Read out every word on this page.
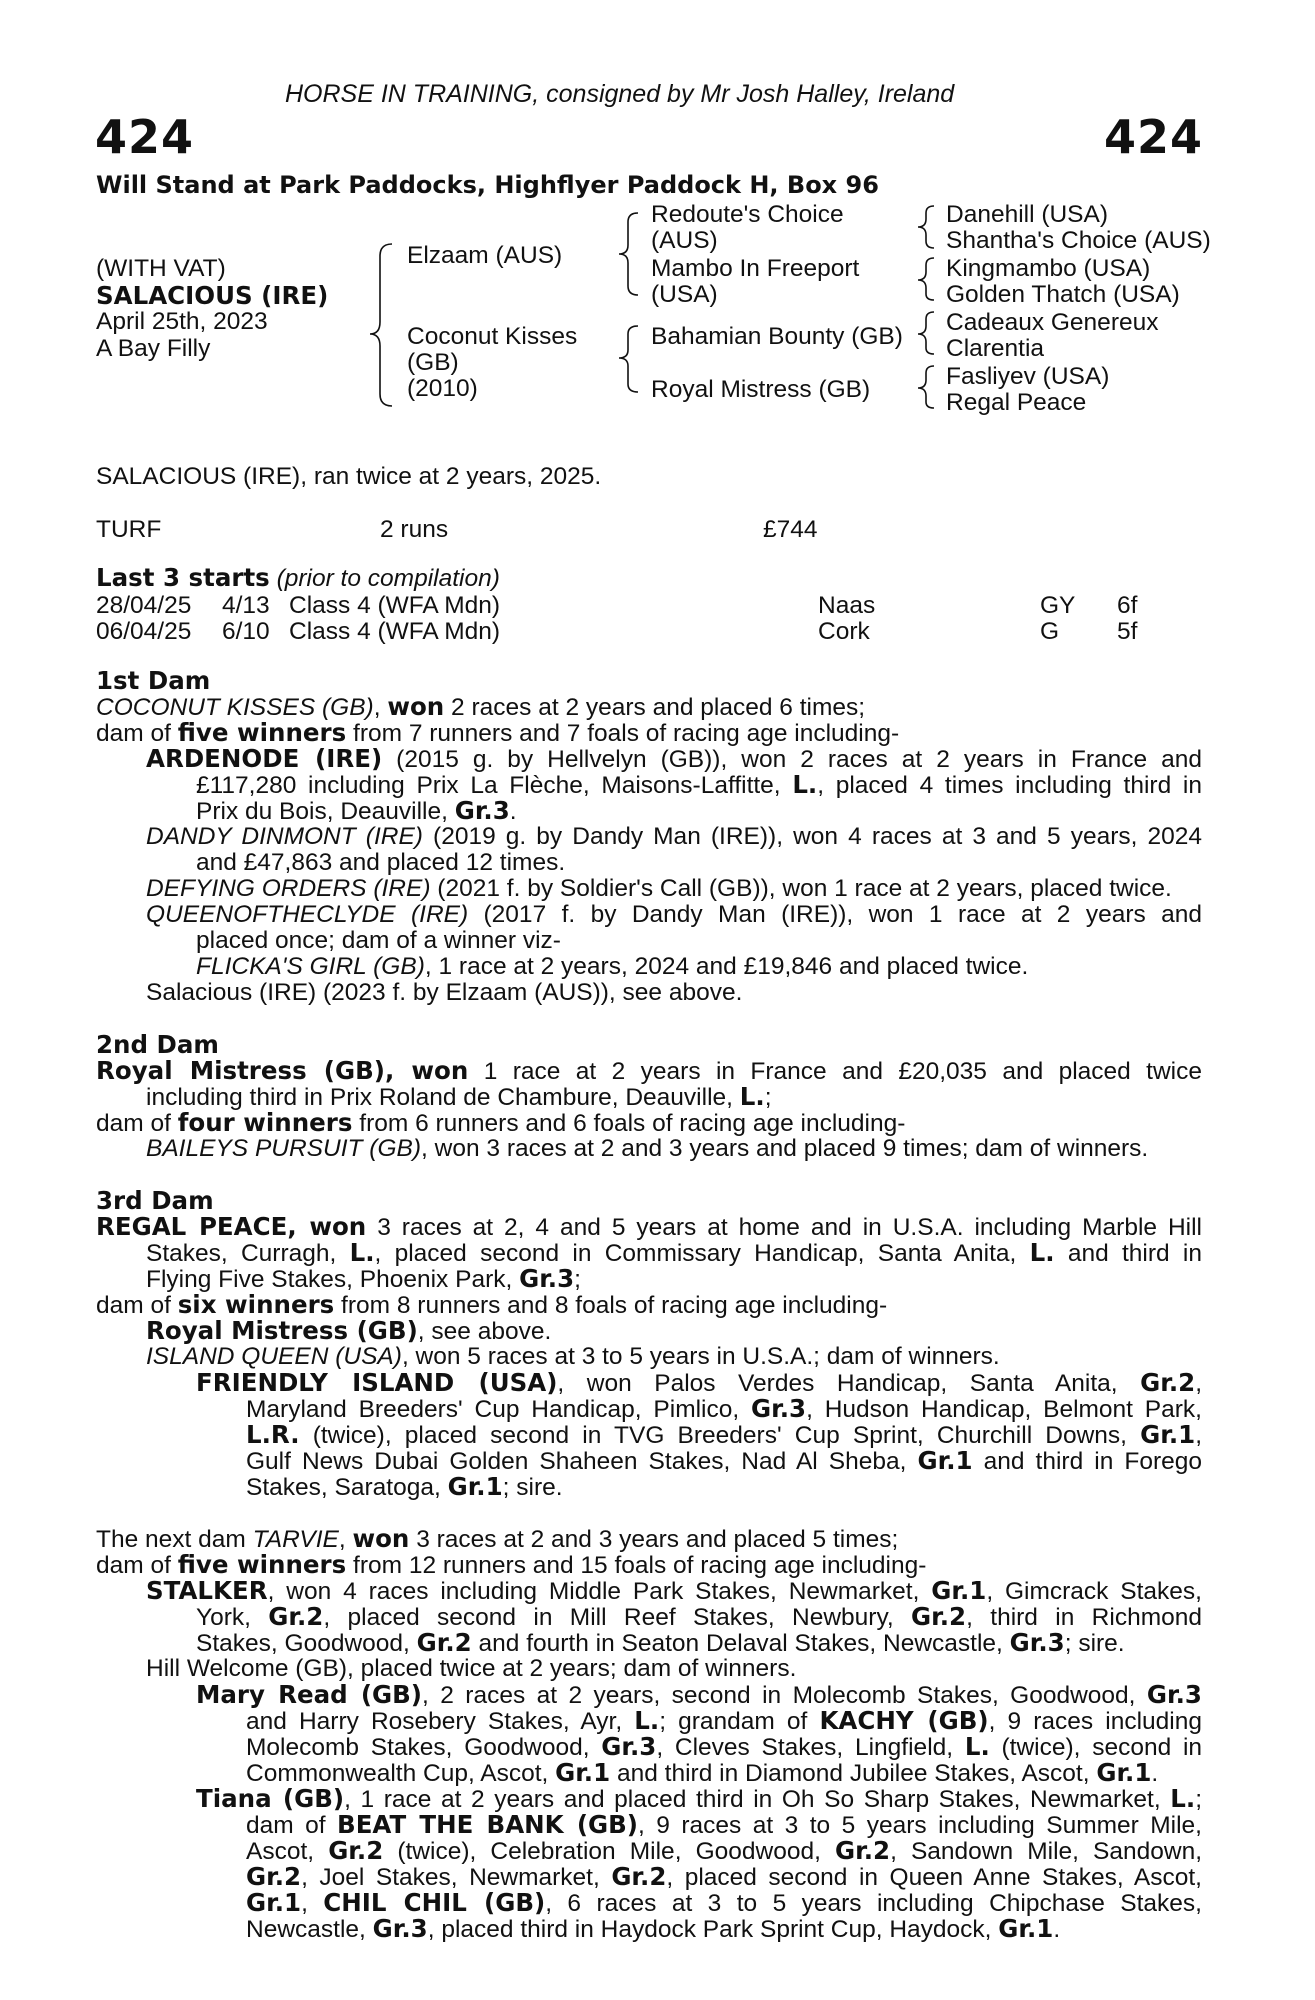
HORSE IN TRAINING, consigned by Mr Josh Halley, Ireland
424	424
Will Stand at Park Paddocks, Highflyer Paddock H, Box 96
(WITH VAT)
SALACIOUS (IRE)
April 25th, 2023
A Bay Filly
Elzaam (AUS)
Coconut Kisses
(GB)
(2010)
Redoute's Choice
(AUS)
Mambo In Freeport
(USA)
Bahamian Bounty (GB)
Royal Mistress (GB)
Danehill (USA)
Shantha's Choice (AUS)
Kingmambo (USA)
Golden Thatch (USA)
Cadeaux Genereux
Clarentia
Fasliyev (USA)
Regal Peace
SALACIOUS (IRE), ran twice at 2 years, 2025.
TURF	2 runs	£744
Last 3 starts (prior to compilation)
28/04/25 4/13 Class 4 (WFA Mdn)	Naas	GY 6f
06/04/25 6/10 Class 4 (WFA Mdn)	Cork	G 5f
1st Dam
COCONUT KISSES (GB), won 2 races at 2 years and placed 6 times;
dam of five winners from 7 runners and 7 foals of racing age including-
ARDENODE (IRE) (2015 g. by Hellvelyn (GB)), won 2 races at 2 years in France and
£117,280 including Prix La Flèche, Maisons-Laffitte, L., placed 4 times including third in
Prix du Bois, Deauville, Gr.3.
DANDY DINMONT (IRE) (2019 g. by Dandy Man (IRE)), won 4 races at 3 and 5 years, 2024
and £47,863 and placed 12 times.
DEFYING ORDERS (IRE) (2021 f. by Soldier's Call (GB)), won 1 race at 2 years, placed twice.
QUEENOFTHECLYDE (IRE) (2017 f. by Dandy Man (IRE)), won 1 race at 2 years and
placed once; dam of a winner viz-
FLICKA'S GIRL (GB), 1 race at 2 years, 2024 and £19,846 and placed twice.
Salacious (IRE) (2023 f. by Elzaam (AUS)), see above.
2nd Dam
Royal Mistress (GB), won 1 race at 2 years in France and £20,035 and placed twice
including third in Prix Roland de Chambure, Deauville, L.;
dam of four winners from 6 runners and 6 foals of racing age including-
BAILEYS PURSUIT (GB), won 3 races at 2 and 3 years and placed 9 times; dam of winners.
3rd Dam
REGAL PEACE, won 3 races at 2, 4 and 5 years at home and in U.S.A. including Marble Hill
Stakes, Curragh, L., placed second in Commissary Handicap, Santa Anita, L. and third in
Flying Five Stakes, Phoenix Park, Gr.3;
dam of six winners from 8 runners and 8 foals of racing age including-
Royal Mistress (GB), see above.
ISLAND QUEEN (USA), won 5 races at 3 to 5 years in U.S.A.; dam of winners.
FRIENDLY ISLAND (USA), won Palos Verdes Handicap, Santa Anita, Gr.2,
Maryland Breeders' Cup Handicap, Pimlico, Gr.3, Hudson Handicap, Belmont Park,
L.R. (twice), placed second in TVG Breeders' Cup Sprint, Churchill Downs, Gr.1,
Gulf News Dubai Golden Shaheen Stakes, Nad Al Sheba, Gr.1 and third in Forego
Stakes, Saratoga, Gr.1; sire.
The next dam TARVIE, won 3 races at 2 and 3 years and placed 5 times;
dam of five winners from 12 runners and 15 foals of racing age including-
STALKER, won 4 races including Middle Park Stakes, Newmarket, Gr.1, Gimcrack Stakes,
York, Gr.2, placed second in Mill Reef Stakes, Newbury, Gr.2, third in Richmond
Stakes, Goodwood, Gr.2 and fourth in Seaton Delaval Stakes, Newcastle, Gr.3; sire.
Hill Welcome (GB), placed twice at 2 years; dam of winners.
Mary Read (GB), 2 races at 2 years, second in Molecomb Stakes, Goodwood, Gr.3
and Harry Rosebery Stakes, Ayr, L.; grandam of KACHY (GB), 9 races including
Molecomb Stakes, Goodwood, Gr.3, Cleves Stakes, Lingfield, L. (twice), second in
Commonwealth Cup, Ascot, Gr.1 and third in Diamond Jubilee Stakes, Ascot, Gr.1.
Tiana (GB), 1 race at 2 years and placed third in Oh So Sharp Stakes, Newmarket, L.;
dam of BEAT THE BANK (GB), 9 races at 3 to 5 years including Summer Mile,
Ascot, Gr.2 (twice), Celebration Mile, Goodwood, Gr.2, Sandown Mile, Sandown,
Gr.2, Joel Stakes, Newmarket, Gr.2, placed second in Queen Anne Stakes, Ascot,
Gr.1, CHIL CHIL (GB), 6 races at 3 to 5 years including Chipchase Stakes,
Newcastle, Gr.3, placed third in Haydock Park Sprint Cup, Haydock, Gr.1.
